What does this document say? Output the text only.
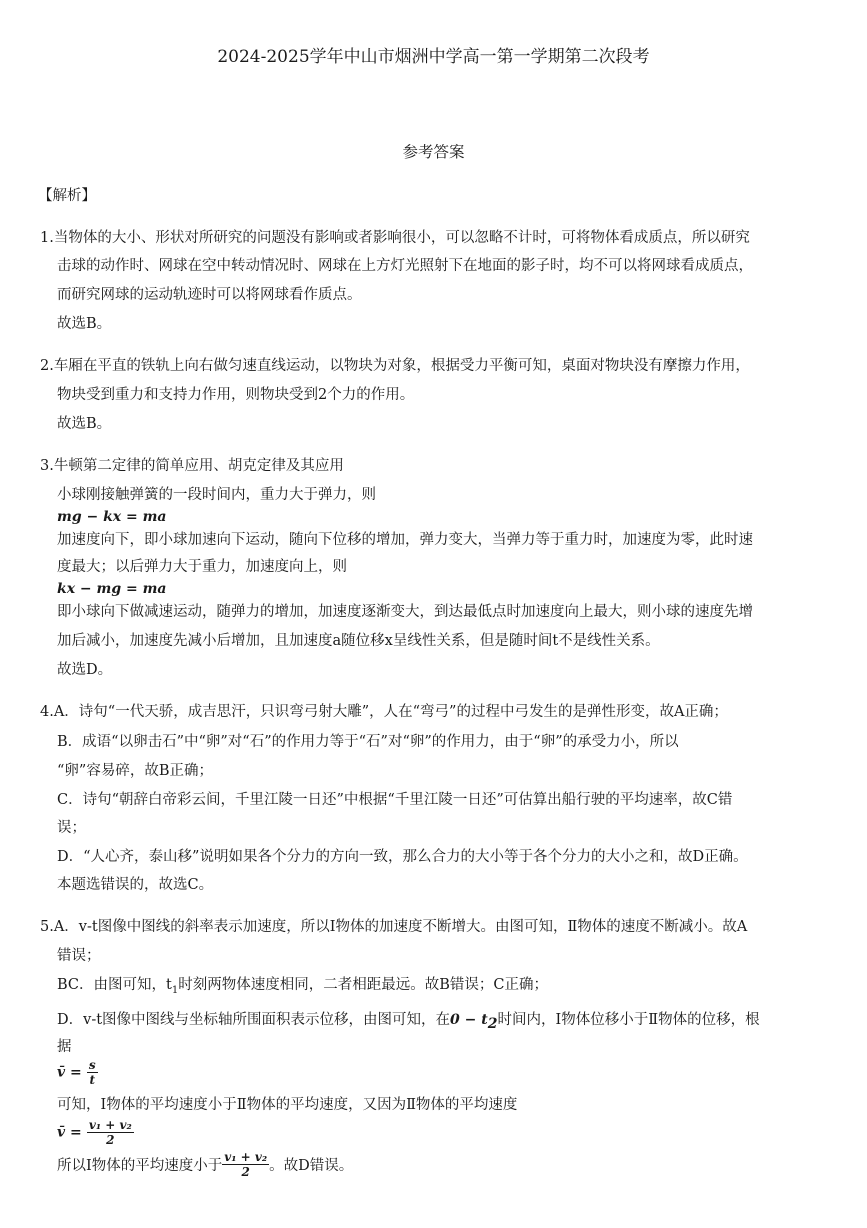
2024-2025学年中山市烟洲中学高一第一学期第二次段考
参考答案
【解析】
1.当物体的大小、形状对所研究的问题没有影响或者影响很小，可以忽略不计时，可将物体看成质点，所以研究
击球的动作时、网球在空中转动情况时、网球在上方灯光照射下在地面的影子时，均不可以将网球看成质点，
而研究网球的运动轨迹时可以将网球看作质点。
故选B。
2.车厢在平直的铁轨上向右做匀速直线运动，以物块为对象，根据受力平衡可知，桌面对物块没有摩擦力作用，
物块受到重力和支持力作用，则物块受到2个力的作用。
故选B。
3.牛顿第二定律的简单应用、胡克定律及其应用
小球刚接触弹簧的一段时间内，重力大于弹力，则
mg − kx = ma
加速度向下，即小球加速向下运动，随向下位移的增加，弹力变大，当弹力等于重力时，加速度为零，此时速
度最大；以后弹力大于重力，加速度向上，则
kx − mg = ma
即小球向下做减速运动，随弹力的增加，加速度逐渐变大，到达最低点时加速度向上最大，则小球的速度先增
加后减小，加速度先减小后增加，且加速度a随位移x呈线性关系，但是随时间t不是线性关系。
故选D。
4.A．诗句“一代天骄，成吉思汗，只识弯弓射大雕”，人在“弯弓”的过程中弓发生的是弹性形变，故A正确；
B．成语“以卵击石”中“卵”对“石”的作用力等于“石”对“卵”的作用力，由于“卵”的承受力小，所以
“卵”容易碎，故B正确；
C．诗句“朝辞白帝彩云间，千里江陵一日还”中根据“千里江陵一日还”可估算出船行驶的平均速率，故C错
误；
D．“人心齐，泰山移”说明如果各个分力的方向一致，那么合力的大小等于各个分力的大小之和，故D正确。
本题选错误的，故选C。
5.A．v-t图像中图线的斜率表示加速度，所以Ⅰ物体的加速度不断增大。由图可知，Ⅱ物体的速度不断减小。故A
错误；
BC．由图可知，$t_1$时刻两物体速度相同，二者相距最远。故B错误；C正确；
D．v-t图像中图线与坐标轴所围面积表示位移，由图可知，在$0 - t_2$时间内，Ⅰ物体位移小于Ⅱ物体的位移，根
据
v̄ = $\frac{s}{t}$
可知，Ⅰ物体的平均速度小于Ⅱ物体的平均速度，又因为Ⅱ物体的平均速度
v̄ = $\frac{\text{v₁ + v₂}}{2}$
所以Ⅰ物体的平均速度小于 $\frac{\text{v₁ + v₂}}{2}$ 。故D错误。
